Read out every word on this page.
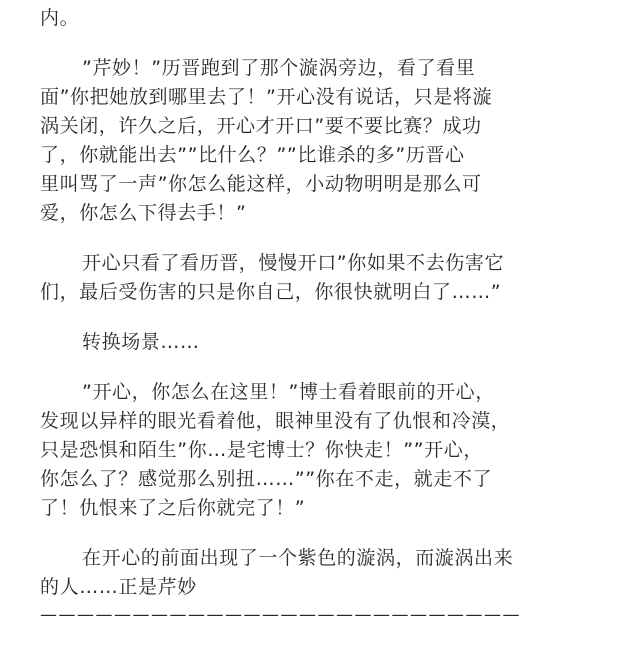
内。
”芹妙！”历晋跑到了那个漩涡旁边，看了看里
面”你把她放到哪里去了！”开心没有说话，只是将漩
涡关闭，许久之后，开心才开口”要不要比赛？成功
了，你就能出去””比什么？””比谁杀的多”历晋心
里叫骂了一声”你怎么能这样，小动物明明是那么可
爱，你怎么下得去手！”
开心只看了看历晋，慢慢开口”你如果不去伤害它
们，最后受伤害的只是你自己，你很快就明白了……”
转换场景……
”开心，你怎么在这里！”博士看着眼前的开心，
发现以异样的眼光看着他，眼神里没有了仇恨和冷漠，
只是恐惧和陌生”你…是宅博士？你快走！””开心，
你怎么了？感觉那么别扭……””你在不走，就走不了
了！仇恨来了之后你就完了！”
在开心的前面出现了一个紫色的漩涡，而漩涡出来
的人……正是芹妙
——————————————————————————
